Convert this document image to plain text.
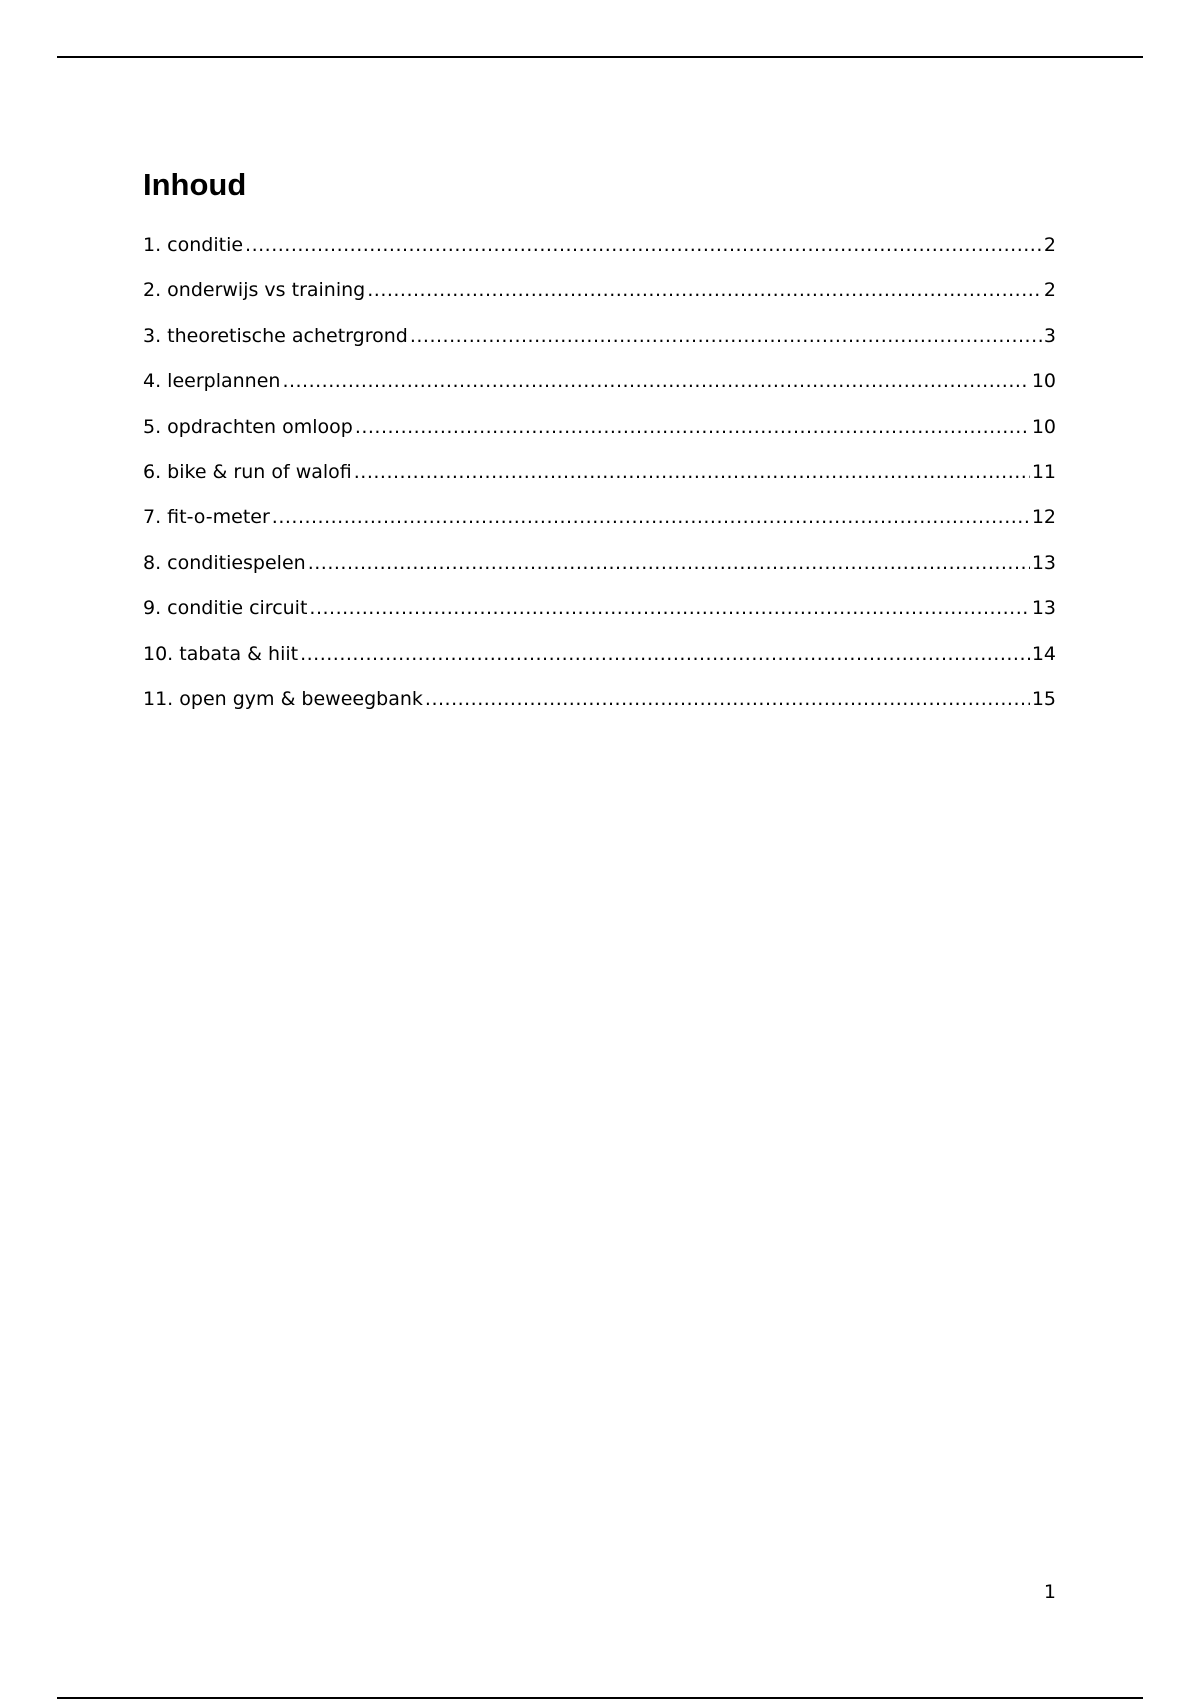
Inhoud
1. conditie .....	2
2. onderwijs vs training .....	2
3. theoretische achetrgrond .....	3
4. leerplannen .....	10
5. opdrachten omloop .....	10
6. bike & run of walofi .....	11
7. fit-o-meter .....	12
8. conditiespelen .....	13
9. conditie circuit .....	13
10. tabata & hiit .....	14
11. open gym & beweegbank .....	15
1
